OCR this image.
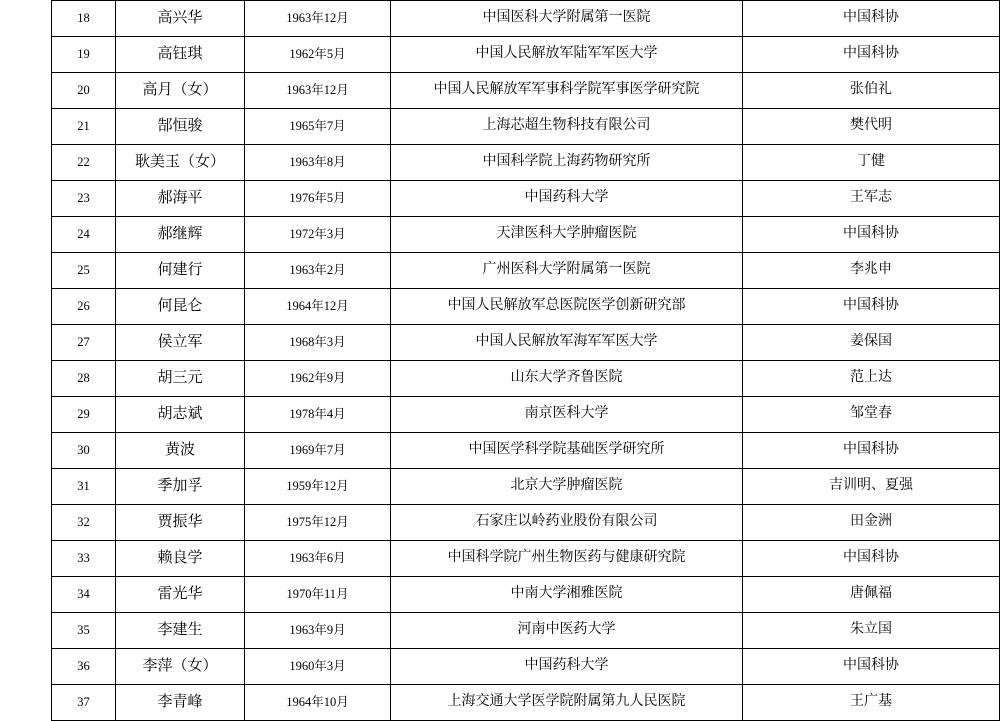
18	高兴华	1963年12月	中国医科大学附属第一医院	中国科协
19	高钰琪	1962年5月	中国人民解放军陆军军医大学	中国科协
20	高月（女）	1963年12月	中国人民解放军军事科学院军事医学研究院	张伯礼
21	郜恒骏	1965年7月	上海芯超生物科技有限公司	樊代明
22	耿美玉（女）	1963年8月	中国科学院上海药物研究所	丁健
23	郝海平	1976年5月	中国药科大学	王军志
24	郝继辉	1972年3月	天津医科大学肿瘤医院	中国科协
25	何建行	1963年2月	广州医科大学附属第一医院	李兆申
26	何昆仑	1964年12月	中国人民解放军总医院医学创新研究部	中国科协
27	侯立军	1968年3月	中国人民解放军海军军医大学	姜保国
28	胡三元	1962年9月	山东大学齐鲁医院	范上达
29	胡志斌	1978年4月	南京医科大学	邹堂春
30	黄波	1969年7月	中国医学科学院基础医学研究所	中国科协
31	季加孚	1959年12月	北京大学肿瘤医院	吉训明、夏强
32	贾振华	1975年12月	石家庄以岭药业股份有限公司	田金洲
33	赖良学	1963年6月	中国科学院广州生物医药与健康研究院	中国科协
34	雷光华	1970年11月	中南大学湘雅医院	唐佩福
35	李建生	1963年9月	河南中医药大学	朱立国
36	李萍（女）	1960年3月	中国药科大学	中国科协
37	李青峰	1964年10月	上海交通大学医学院附属第九人民医院	王广基
